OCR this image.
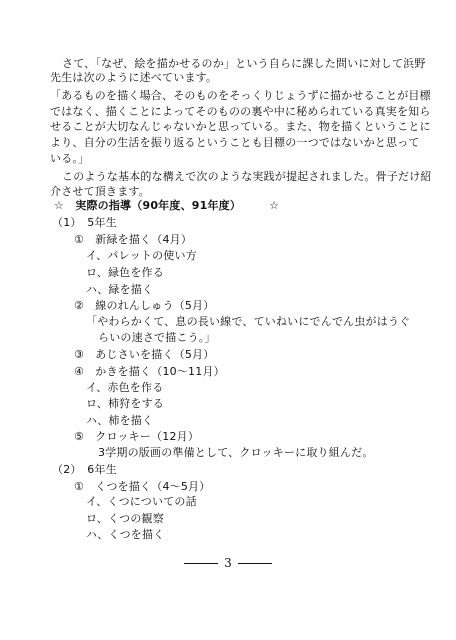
さて、「なぜ、絵を描かせるのか」という自らに課した問いに対して浜野
先生は次のように述べています。
「あるものを描く場合、そのものをそっくりじょうずに描かせることが目標
ではなく、描くことによってそのものの裏や中に秘められている真実を知ら
せることが大切なんじゃないかと思っている。また、物を描くということに
より、自分の生活を振り返るということも目標の一つではないかと思って
いる。」
このような基本的な構えで次のような実践が提起されました。骨子だけ紹
介させて頂きます。
☆　実際の指導（90年度、91年度）　　　☆
（1）　5年生
①　新緑を描く（4月）
イ、パレットの使い方
ロ、緑色を作る
ハ、緑を描く
②　線のれんしゅう（5月）
「やわらかくて、息の長い線で、ていねいにでんでん虫がはうぐ
らいの速さで描こう。」
③　あじさいを描く（5月）
④　かきを描く（10～11月）
イ、赤色を作る
ロ、柿狩をする
ハ、柿を描く
⑤　クロッキー（12月）
3学期の版画の準備として、クロッキーに取り組んだ。
（2）　6年生
①　くつを描く（4～5月）
イ、くつについての話
ロ、くつの観察
ハ、くつを描く
3
